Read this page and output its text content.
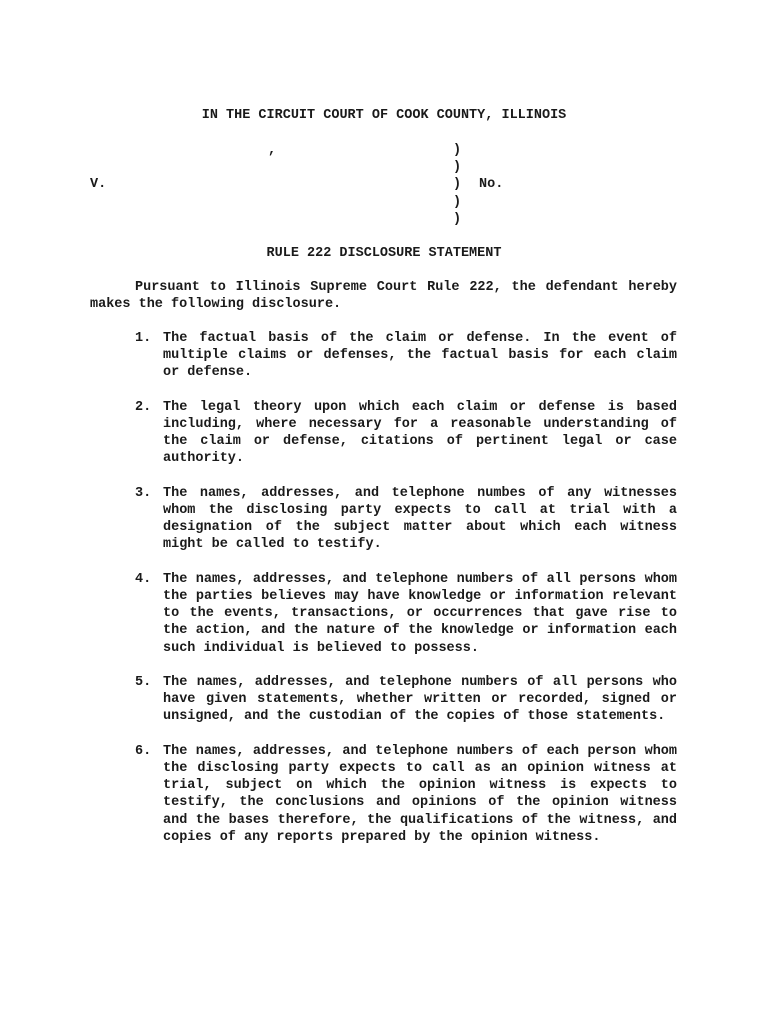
IN THE CIRCUIT COURT OF COOK COUNTY, ILLINOIS

,

V.

)

)

)

)

)

No.

RULE 222 DISCLOSURE STATEMENT
Pursuant to Illinois Supreme Court Rule 222, the defendant hereby makes the following disclosure.
1. The factual basis of the claim or defense. In the event of multiple claims or defenses, the factual basis for each claim or defense.
2. The legal theory upon which each claim or defense is based including, where necessary for a reasonable understanding of the claim or defense, citations of pertinent legal or case authority.
3. The names, addresses, and telephone numbes of any witnesses whom the disclosing party expects to call at trial with a designation of the subject matter about which each witness might be called to testify.
4. The names, addresses, and telephone numbers of all persons whom the parties believes may have knowledge or information relevant to the events, transactions, or occurrences that gave rise to the action, and the nature of the knowledge or information each such individual is believed to possess.
5. The names, addresses, and telephone numbers of all persons who have given statements, whether written or recorded, signed or unsigned, and the custodian of the copies of those statements.
6. The names, addresses, and telephone numbers of each person whom the disclosing party expects to call as an opinion witness at trial, subject on which the opinion witness is expects to testify, the conclusions and opinions of the opinion witness and the bases therefore, the qualifications of the witness, and copies of any reports prepared by the opinion witness.
